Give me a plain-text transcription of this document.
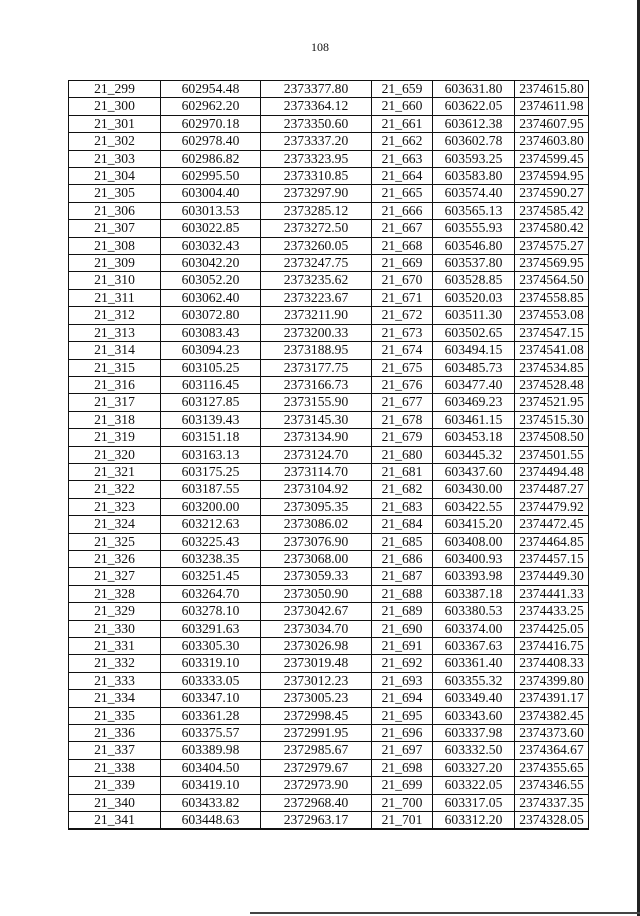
108
21_299	602954.48	2373377.80	21_659	603631.80	2374615.80
21_300	602962.20	2373364.12	21_660	603622.05	2374611.98
21_301	602970.18	2373350.60	21_661	603612.38	2374607.95
21_302	602978.40	2373337.20	21_662	603602.78	2374603.80
21_303	602986.82	2373323.95	21_663	603593.25	2374599.45
21_304	602995.50	2373310.85	21_664	603583.80	2374594.95
21_305	603004.40	2373297.90	21_665	603574.40	2374590.27
21_306	603013.53	2373285.12	21_666	603565.13	2374585.42
21_307	603022.85	2373272.50	21_667	603555.93	2374580.42
21_308	603032.43	2373260.05	21_668	603546.80	2374575.27
21_309	603042.20	2373247.75	21_669	603537.80	2374569.95
21_310	603052.20	2373235.62	21_670	603528.85	2374564.50
21_311	603062.40	2373223.67	21_671	603520.03	2374558.85
21_312	603072.80	2373211.90	21_672	603511.30	2374553.08
21_313	603083.43	2373200.33	21_673	603502.65	2374547.15
21_314	603094.23	2373188.95	21_674	603494.15	2374541.08
21_315	603105.25	2373177.75	21_675	603485.73	2374534.85
21_316	603116.45	2373166.73	21_676	603477.40	2374528.48
21_317	603127.85	2373155.90	21_677	603469.23	2374521.95
21_318	603139.43	2373145.30	21_678	603461.15	2374515.30
21_319	603151.18	2373134.90	21_679	603453.18	2374508.50
21_320	603163.13	2373124.70	21_680	603445.32	2374501.55
21_321	603175.25	2373114.70	21_681	603437.60	2374494.48
21_322	603187.55	2373104.92	21_682	603430.00	2374487.27
21_323	603200.00	2373095.35	21_683	603422.55	2374479.92
21_324	603212.63	2373086.02	21_684	603415.20	2374472.45
21_325	603225.43	2373076.90	21_685	603408.00	2374464.85
21_326	603238.35	2373068.00	21_686	603400.93	2374457.15
21_327	603251.45	2373059.33	21_687	603393.98	2374449.30
21_328	603264.70	2373050.90	21_688	603387.18	2374441.33
21_329	603278.10	2373042.67	21_689	603380.53	2374433.25
21_330	603291.63	2373034.70	21_690	603374.00	2374425.05
21_331	603305.30	2373026.98	21_691	603367.63	2374416.75
21_332	603319.10	2373019.48	21_692	603361.40	2374408.33
21_333	603333.05	2373012.23	21_693	603355.32	2374399.80
21_334	603347.10	2373005.23	21_694	603349.40	2374391.17
21_335	603361.28	2372998.45	21_695	603343.60	2374382.45
21_336	603375.57	2372991.95	21_696	603337.98	2374373.60
21_337	603389.98	2372985.67	21_697	603332.50	2374364.67
21_338	603404.50	2372979.67	21_698	603327.20	2374355.65
21_339	603419.10	2372973.90	21_699	603322.05	2374346.55
21_340	603433.82	2372968.40	21_700	603317.05	2374337.35
21_341	603448.63	2372963.17	21_701	603312.20	2374328.05
